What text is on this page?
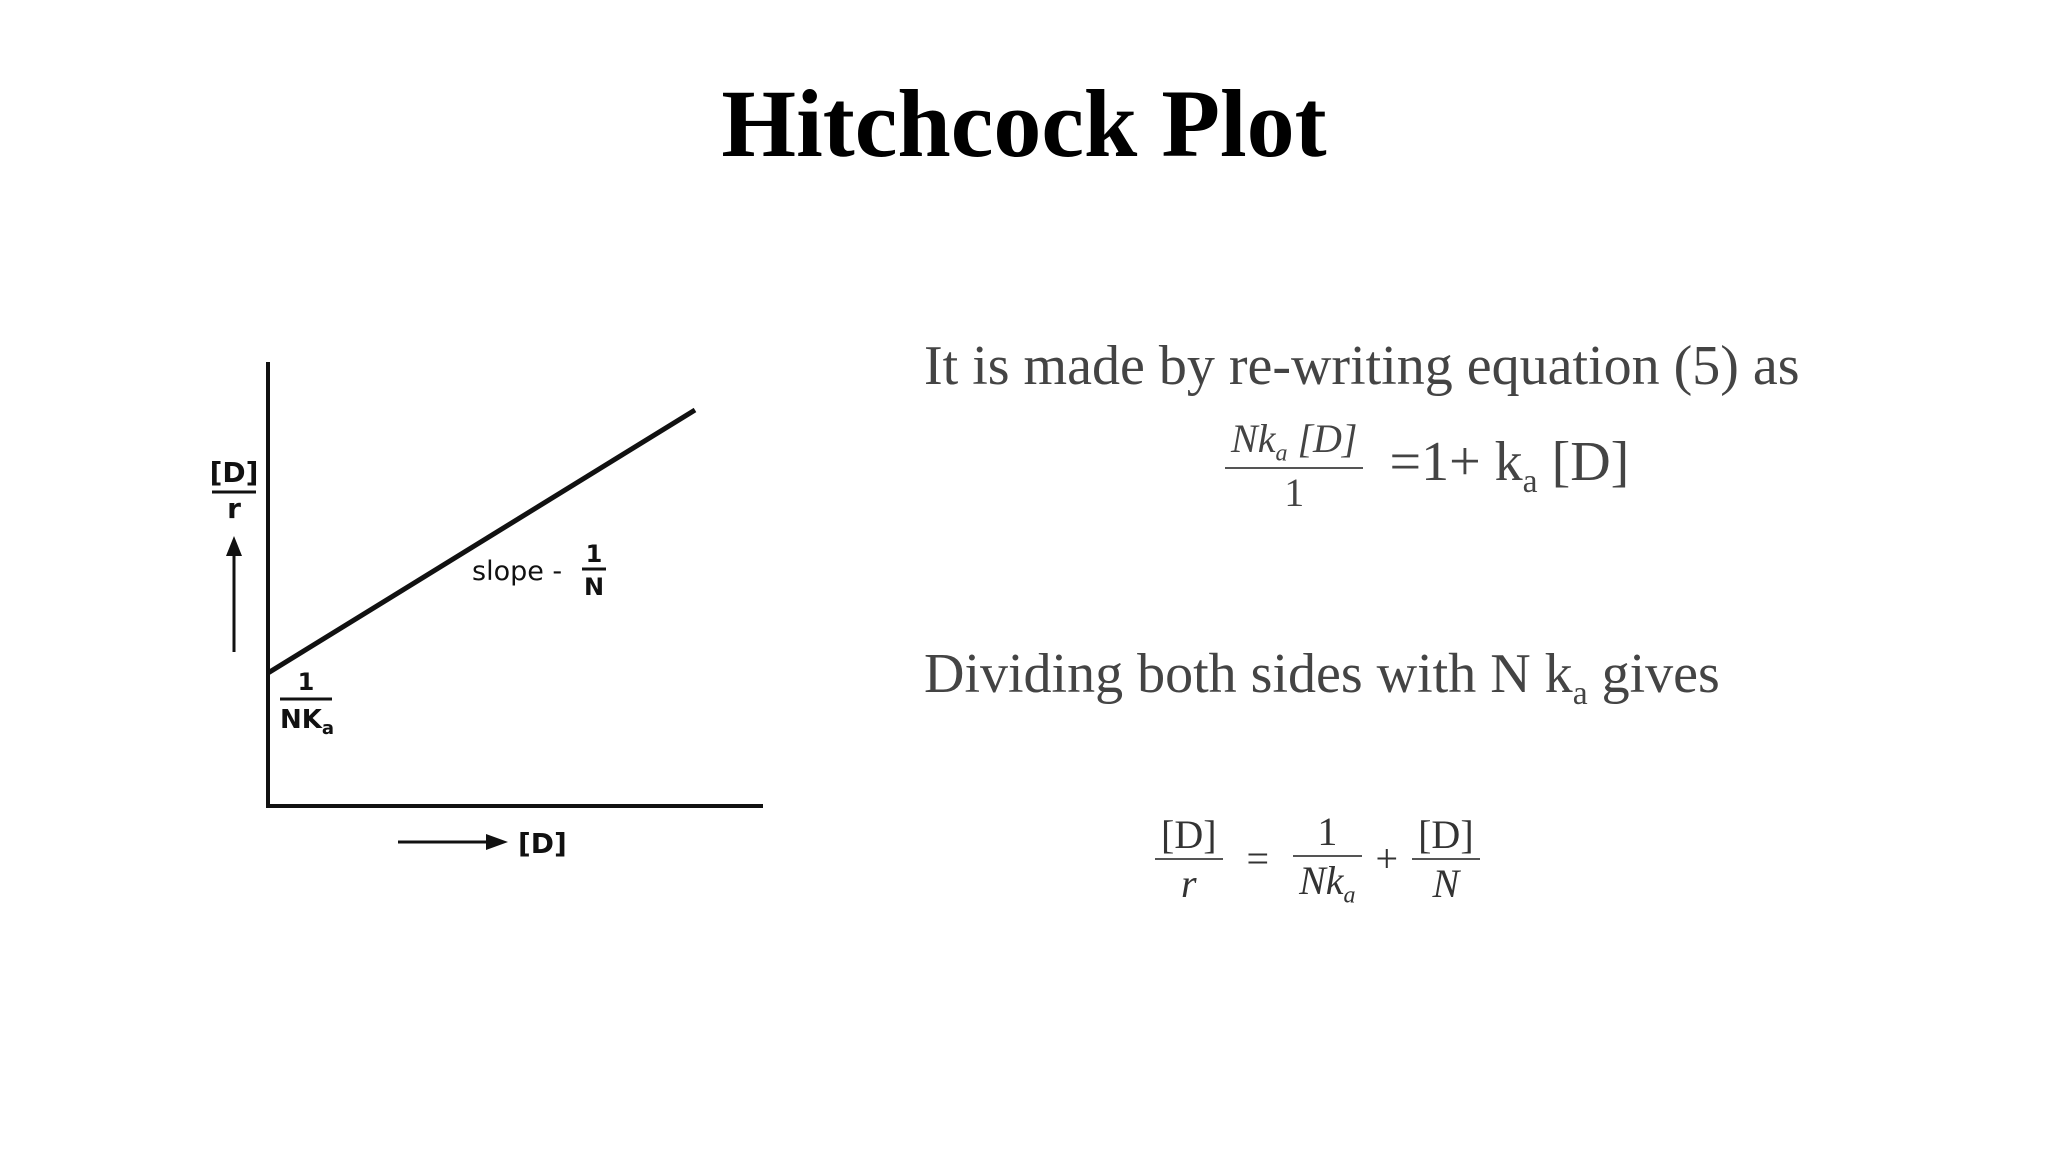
Hitchcock Plot
[D]
r
[D]
slope -
1
N
1
$NK_a$
It is made by re-writing equation (5) as
$\frac{Nk_a [D]}{1} =1+ k_a$ [D]
Dividing both sides with N $k_a$ gives
$\frac{[D]}{r} = \frac{1}{Nk_a} + \frac{[D]}{N}$
